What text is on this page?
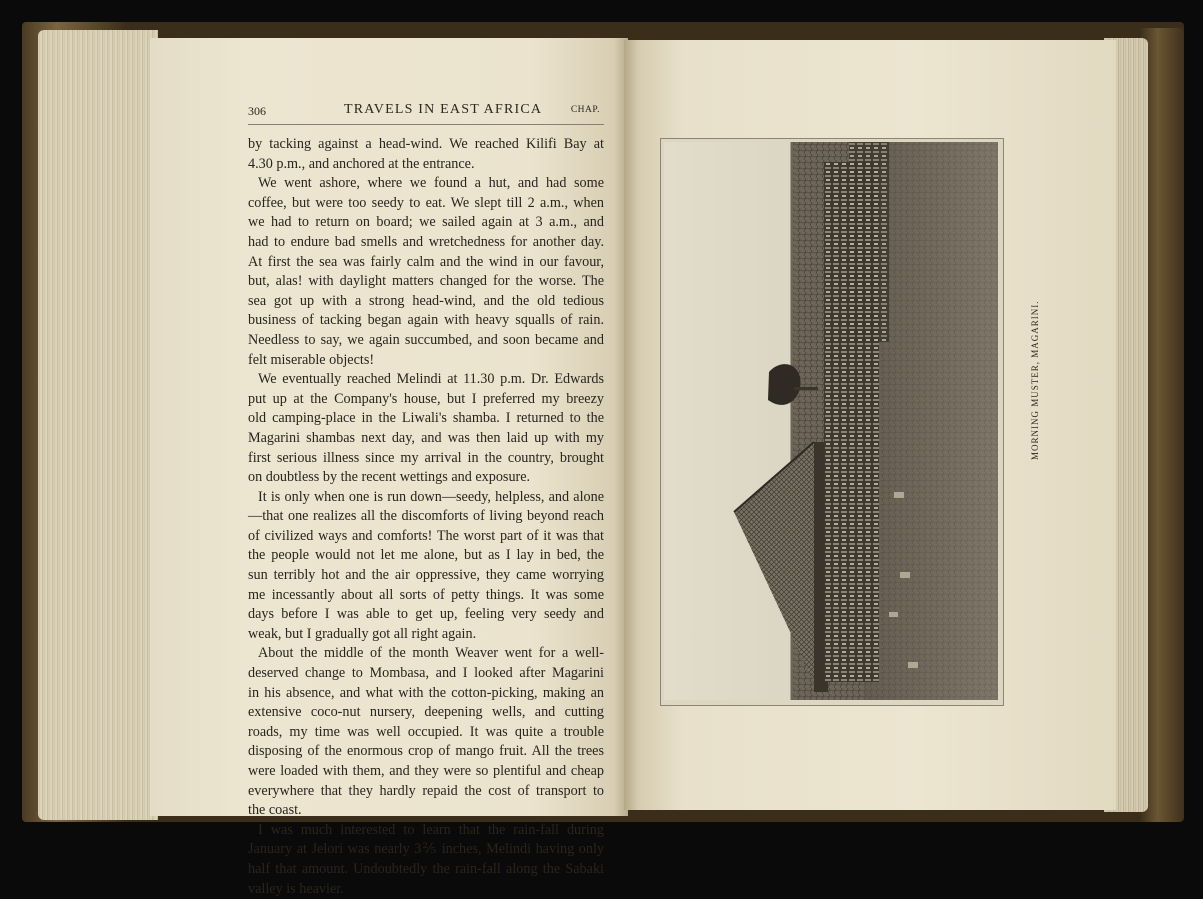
306	TRAVELS IN EAST AFRICA	CHAP.
by tacking against a head-wind. We reached Kilifi Bay at
4.30 p.m., and anchored at the entrance.
We went ashore, where we found a hut, and had some
coffee, but were too seedy to eat. We slept till 2 a.m., when
we had to return on board; we sailed again at 3 a.m., and
had to endure bad smells and wretchedness for another day.
At first the sea was fairly calm and the wind in our favour,
but, alas! with daylight matters changed for the worse. The
sea got up with a strong head-wind, and the old tedious
business of tacking began again with heavy squalls of rain.
Needless to say, we again succumbed, and soon became and
felt miserable objects!
We eventually reached Melindi at 11.30 p.m. Dr. Edwards
put up at the Company's house, but I preferred my breezy
old camping-place in the Liwali's shamba. I returned to the
Magarini shambas next day, and was then laid up with my
first serious illness since my arrival in the country, brought
on doubtless by the recent wettings and exposure.
It is only when one is run down—seedy, helpless, and alone
—that one realizes all the discomforts of living beyond reach
of civilized ways and comforts! The worst part of it was that
the people would not let me alone, but as I lay in bed, the
sun terribly hot and the air oppressive, they came worrying
me incessantly about all sorts of petty things. It was some
days before I was able to get up, feeling very seedy and
weak, but I gradually got all right again.
About the middle of the month Weaver went for a well-
deserved change to Mombasa, and I looked after Magarini
in his absence, and what with the cotton-picking, making an
extensive coco-nut nursery, deepening wells, and cutting
roads, my time was well occupied. It was quite a trouble
disposing of the enormous crop of mango fruit. All the trees
were loaded with them, and they were so plentiful and cheap
everywhere that they hardly repaid the cost of transport to
the coast.
I was much interested to learn that the rain-fall during
January at Jelori was nearly 3⅖ inches, Melindi having only
half that amount. Undoubtedly the rain-fall along the Sabaki
valley is heavier.
MORNING MUSTER, MAGARINI.
